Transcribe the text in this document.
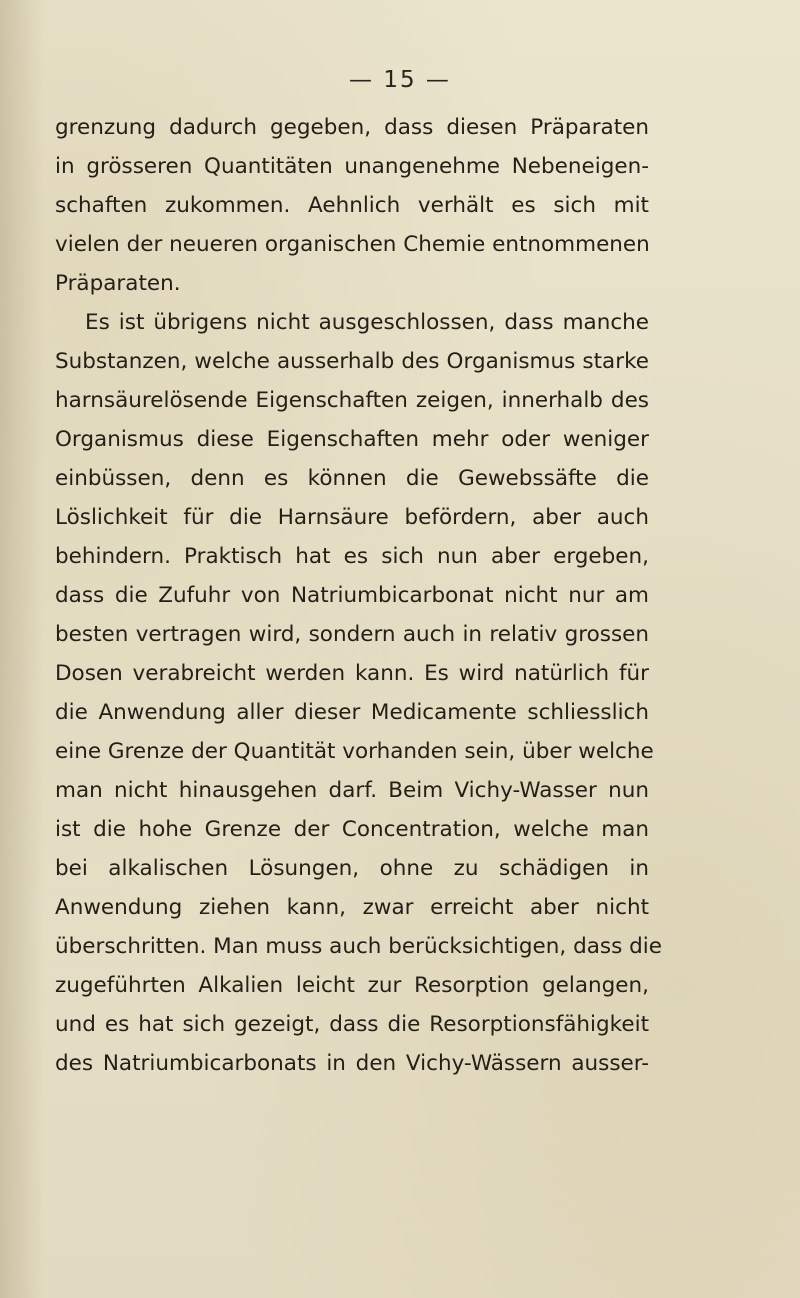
— 15 —
grenzung dadurch gegeben, dass diesen Präparaten
in grösseren Quantitäten unangenehme Nebeneigen-
schaften zukommen. Aehnlich verhält es sich mit
vielen der neueren organischen Chemie entnommenen
Präparaten.
Es ist übrigens nicht ausgeschlossen, dass manche
Substanzen, welche ausserhalb des Organismus starke
harnsäurelösende Eigenschaften zeigen, innerhalb des
Organismus diese Eigenschaften mehr oder weniger
einbüssen, denn es können die Gewebssäfte die
Löslichkeit für die Harnsäure befördern, aber auch
behindern. Praktisch hat es sich nun aber ergeben,
dass die Zufuhr von Natriumbicarbonat nicht nur am
besten vertragen wird, sondern auch in relativ grossen
Dosen verabreicht werden kann. Es wird natürlich für
die Anwendung aller dieser Medicamente schliesslich
eine Grenze der Quantität vorhanden sein, über welche
man nicht hinausgehen darf. Beim Vichy-Wasser nun
ist die hohe Grenze der Concentration, welche man
bei alkalischen Lösungen, ohne zu schädigen in
Anwendung ziehen kann, zwar erreicht aber nicht
überschritten. Man muss auch berücksichtigen, dass die
zugeführten Alkalien leicht zur Resorption gelangen,
und es hat sich gezeigt, dass die Resorptionsfähigkeit
des Natriumbicarbonats in den Vichy-Wässern ausser-
